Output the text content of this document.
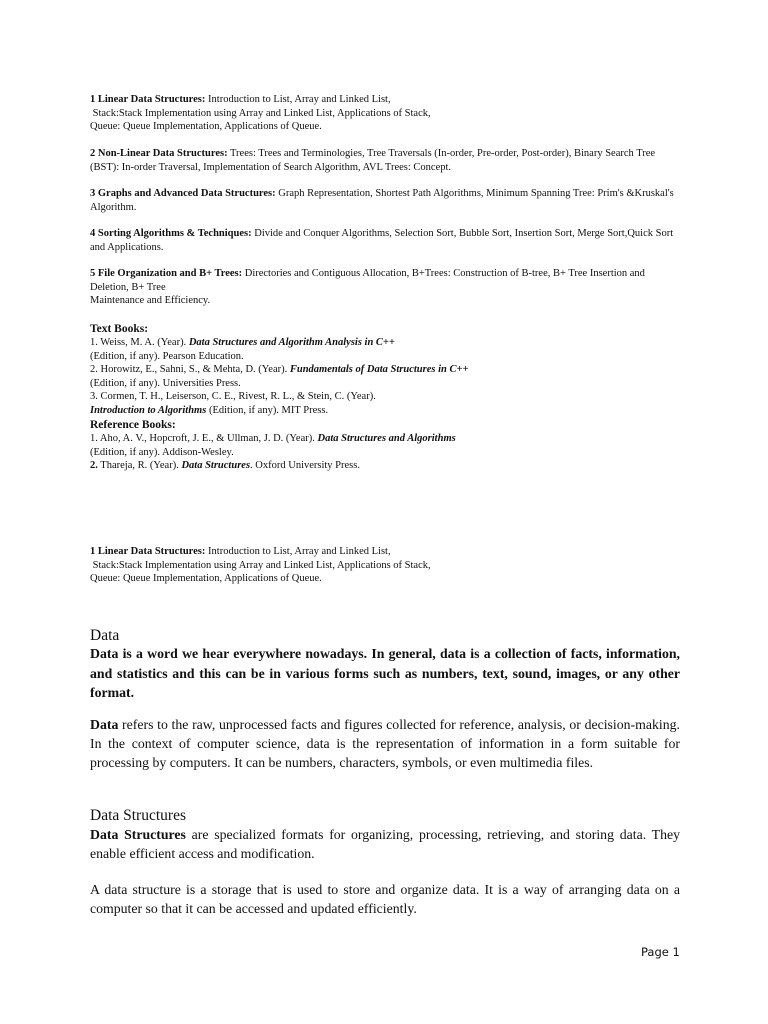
1 Linear Data Structures: Introduction to List, Array and Linked List,
Stack:Stack Implementation using Array and Linked List, Applications of Stack,
Queue: Queue Implementation, Applications of Queue.
2 Non-Linear Data Structures: Trees: Trees and Terminologies, Tree Traversals (In-order, Pre-order, Post-order), Binary Search Tree (BST): In-order Traversal, Implementation of Search Algorithm, AVL Trees: Concept.
3 Graphs and Advanced Data Structures: Graph Representation, Shortest Path Algorithms, Minimum Spanning Tree: Prim's &Kruskal's Algorithm.
4 Sorting Algorithms & Techniques: Divide and Conquer Algorithms, Selection Sort, Bubble Sort, Insertion Sort, Merge Sort,Quick Sort and Applications.
5 File Organization and B+ Trees: Directories and Contiguous Allocation, B+Trees: Construction of B-tree, B+ Tree Insertion and Deletion, B+ Tree
Maintenance and Efficiency.
Text Books:
1. Weiss, M. A. (Year). Data Structures and Algorithm Analysis in C++
(Edition, if any). Pearson Education.
2. Horowitz, E., Sahni, S., & Mehta, D. (Year). Fundamentals of Data Structures in C++ (Edition, if any). Universities Press.
3. Cormen, T. H., Leiserson, C. E., Rivest, R. L., & Stein, C. (Year).
Introduction to Algorithms (Edition, if any). MIT Press.
Reference Books:
1. Aho, A. V., Hopcroft, J. E., & Ullman, J. D. (Year). Data Structures and Algorithms (Edition, if any). Addison-Wesley.
2. Thareja, R. (Year). Data Structures. Oxford University Press.
1 Linear Data Structures: Introduction to List, Array and Linked List,
Stack:Stack Implementation using Array and Linked List, Applications of Stack,
Queue: Queue Implementation, Applications of Queue.
Data

Data is a word we hear everywhere nowadays. In general, data is a collection of facts, information, and statistics and this can be in various forms such as numbers, text, sound, images, or any other format.

Data refers to the raw, unprocessed facts and figures collected for reference, analysis, or decision-making. In the context of computer science, data is the representation of information in a form suitable for processing by computers. It can be numbers, characters, symbols, or even multimedia files.

Data Structures

Data Structures are specialized formats for organizing, processing, retrieving, and storing data. They enable efficient access and modification.

A data structure is a storage that is used to store and organize data. It is a way of arranging data on a computer so that it can be accessed and updated efficiently.

Page 1
